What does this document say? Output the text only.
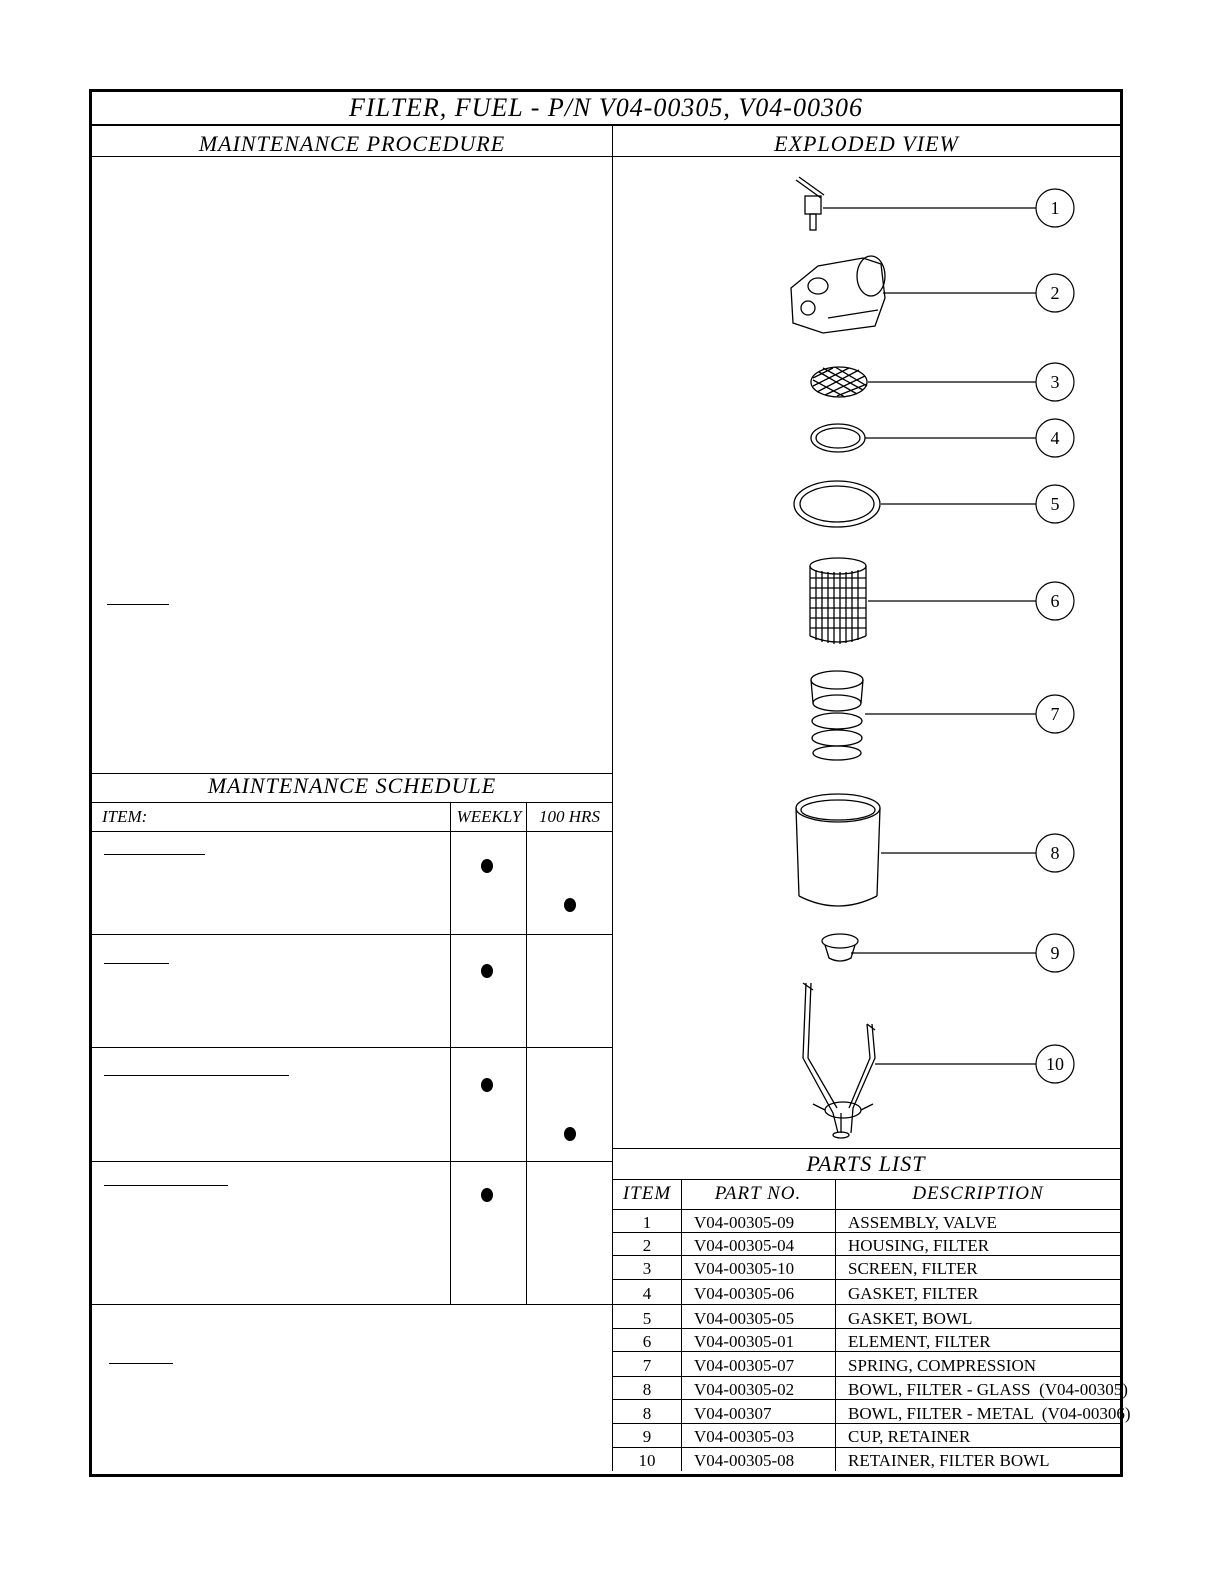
FILTER, FUEL - P/N V04-00305, V04-00306
MAINTENANCE PROCEDURE	EXPLODED VIEW
MAINTENANCE SCHEDULE
ITEM:	WEEKLY	100 HRS
1
2
3
4
5
6
7
8
9
10
PARTS LIST
ITEM	PART NO.	DESCRIPTION
1	V04-00305-09	ASSEMBLY, VALVE
2	V04-00305-04	HOUSING, FILTER
3	V04-00305-10	SCREEN, FILTER
4	V04-00305-06	GASKET, FILTER
5	V04-00305-05	GASKET, BOWL
6	V04-00305-01	ELEMENT, FILTER
7	V04-00305-07	SPRING, COMPRESSION
8	V04-00305-02	BOWL, FILTER - GLASS  (V04-00305)
8	V04-00307	BOWL, FILTER - METAL  (V04-00306)
9	V04-00305-03	CUP, RETAINER
10	V04-00305-08	RETAINER, FILTER BOWL
